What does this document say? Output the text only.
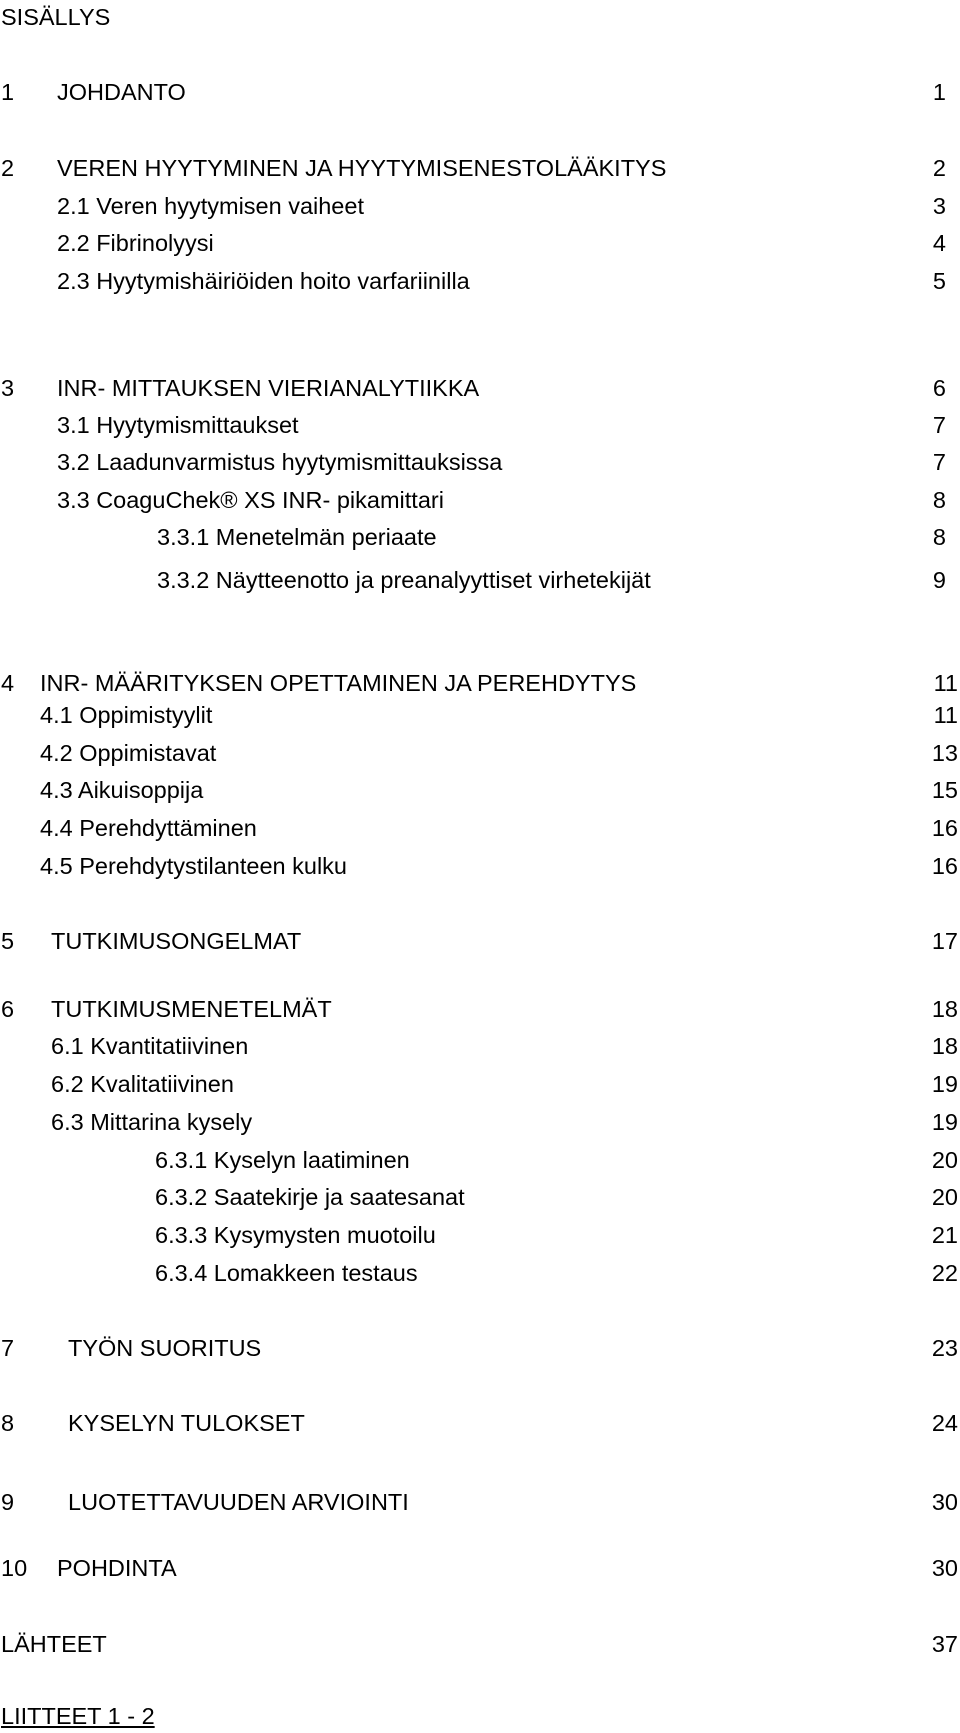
SISÄLLYS
1 JOHDANTO	1
2 VEREN HYYTYMINEN JA HYYTYMISENESTOLÄÄKITYS	2
2.1 Veren hyytymisen vaiheet	3
2.2 Fibrinolyysi	4
2.3 Hyytymishäiriöiden hoito varfariinilla	5
3 INR- MITTAUKSEN VIERIANALYTIIKKA	6
3.1 Hyytymismittaukset	7
3.2 Laadunvarmistus hyytymismittauksissa	7
3.3 CoaguChek® XS INR- pikamittari	8
3.3.1 Menetelmän periaate	8
3.3.2 Näytteenotto ja preanalyyttiset virhetekijät	9
4 INR- MÄÄRITYKSEN OPETTAMINEN JA PEREHDYTYS	11
4.1 Oppimistyylit	11
4.2 Oppimistavat	13
4.3 Aikuisoppija	15
4.4 Perehdyttäminen	16
4.5 Perehdytystilanteen kulku	16
5 TUTKIMUSONGELMAT	17
6 TUTKIMUSMENETELMÄT	18
6.1 Kvantitatiivinen	18
6.2 Kvalitatiivinen	19
6.3 Mittarina kysely	19
6.3.1 Kyselyn laatiminen	20
6.3.2 Saatekirje ja saatesanat	20
6.3.3 Kysymysten muotoilu	21
6.3.4 Lomakkeen testaus	22
7 TYÖN SUORITUS	23
8 KYSELYN TULOKSET	24
9 LUOTETTAVUUDEN ARVIOINTI	30
10 POHDINTA	30
LÄHTEET	37
LIITTEET 1 - 2
